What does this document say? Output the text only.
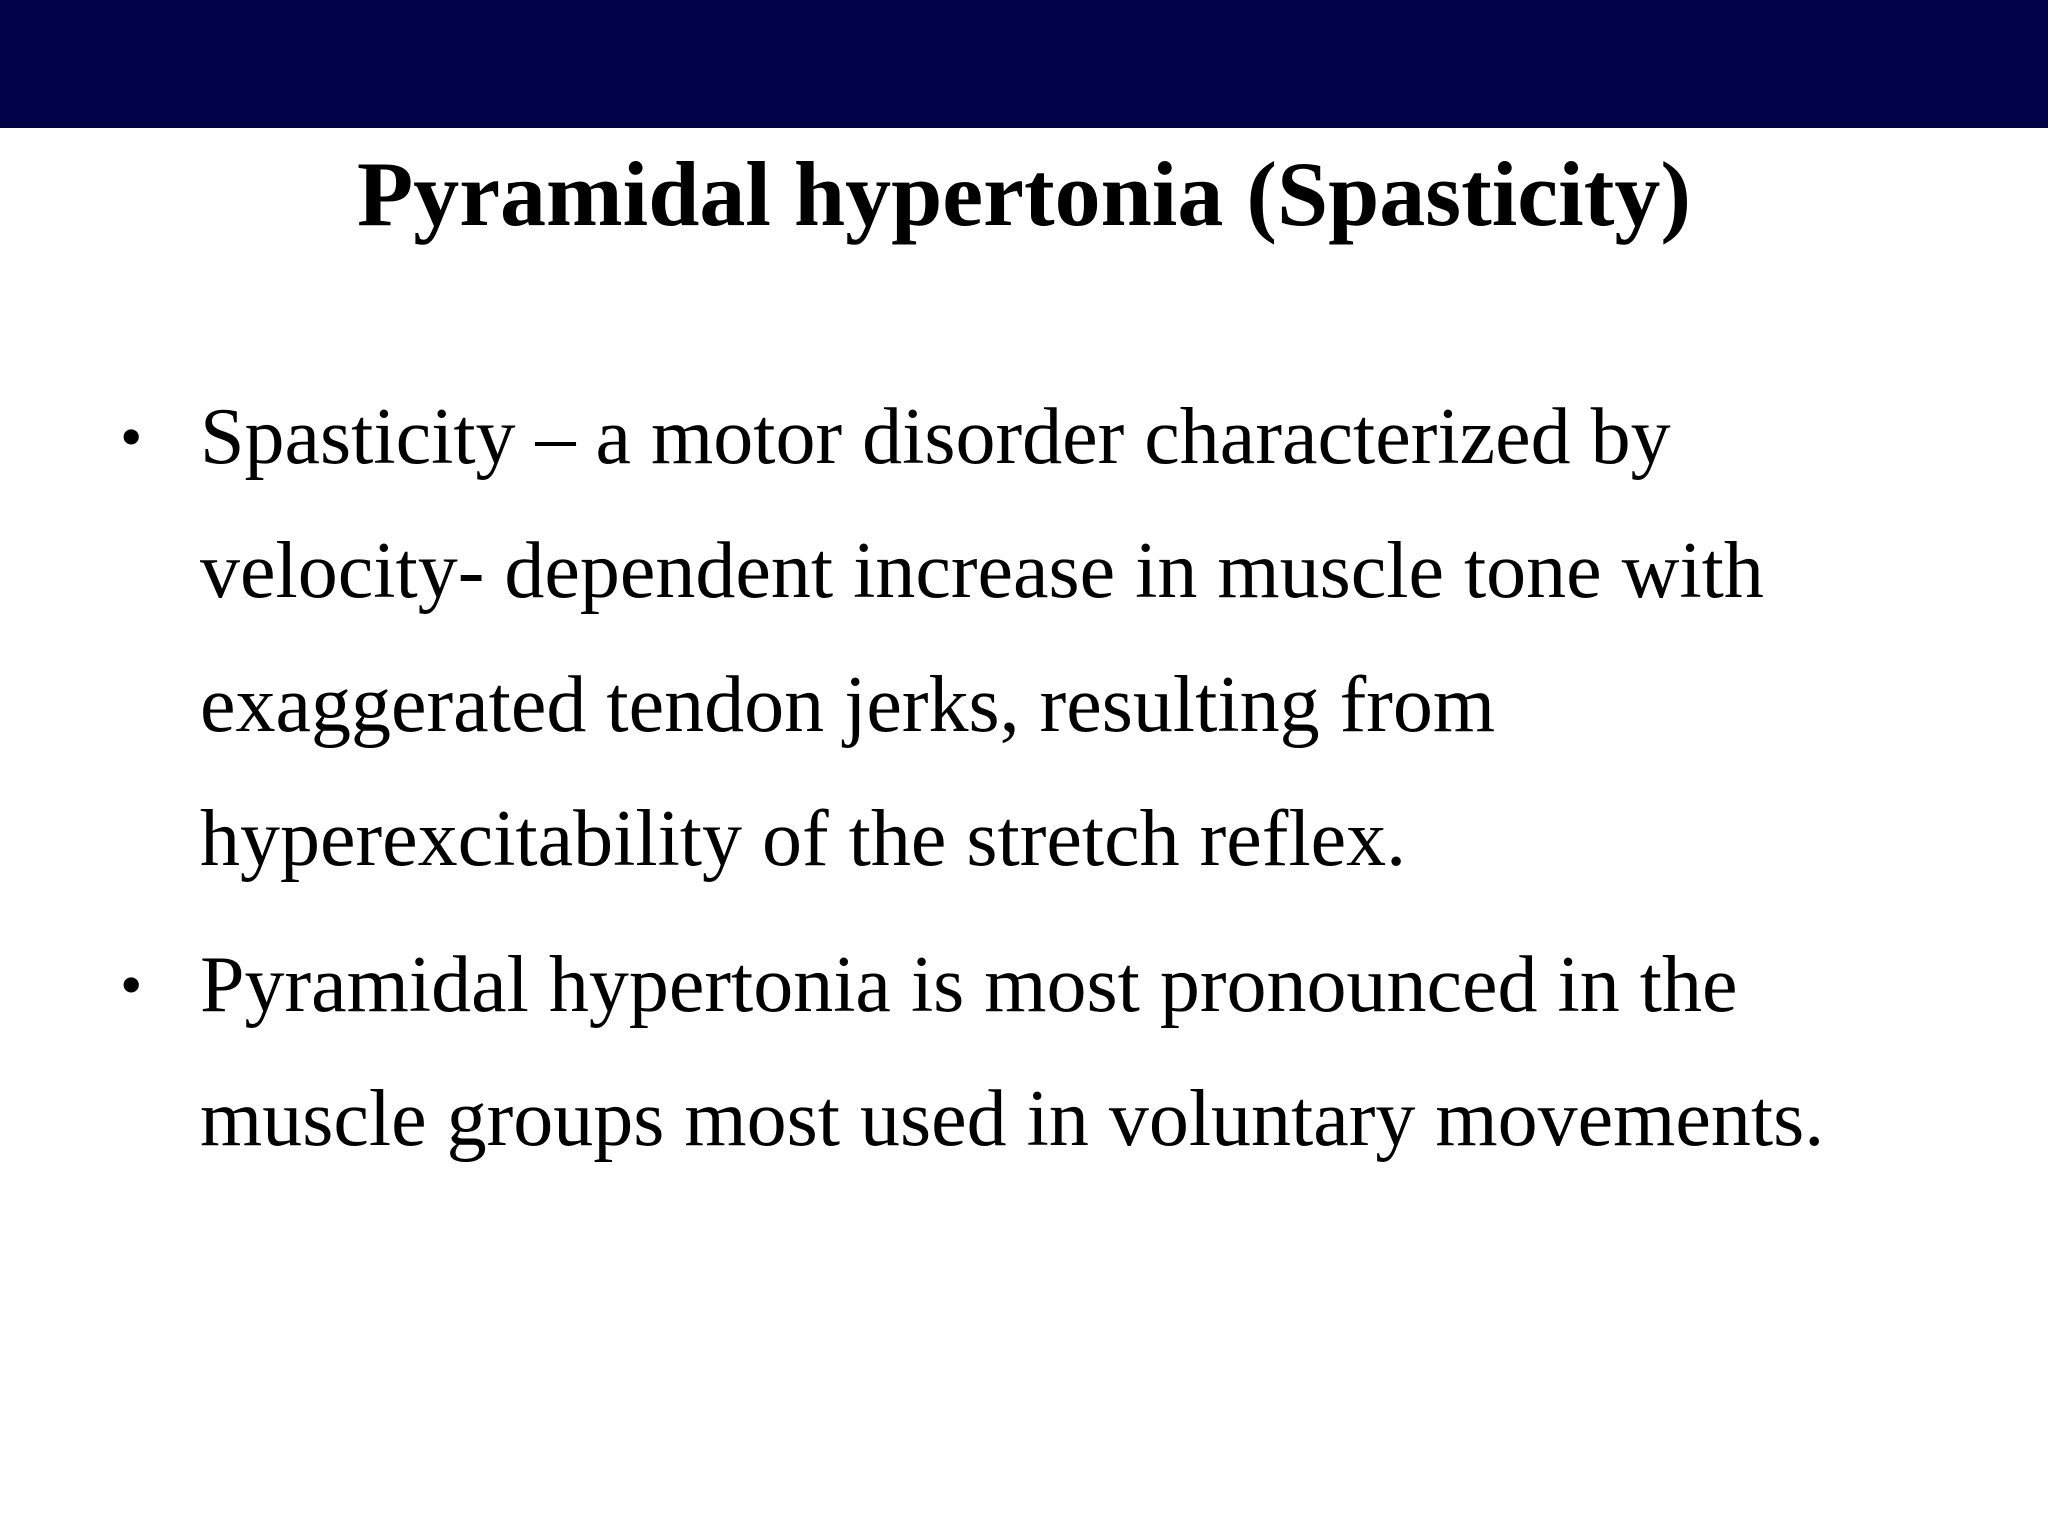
Pyramidal hypertonia (Spasticity)
• Spasticity – a motor disorder characterized by velocity- dependent increase in muscle tone with exaggerated tendon jerks, resulting from hyperexcitability of the stretch reflex.
• Pyramidal hypertonia is most pronounced in the muscle groups most used in voluntary movements.
